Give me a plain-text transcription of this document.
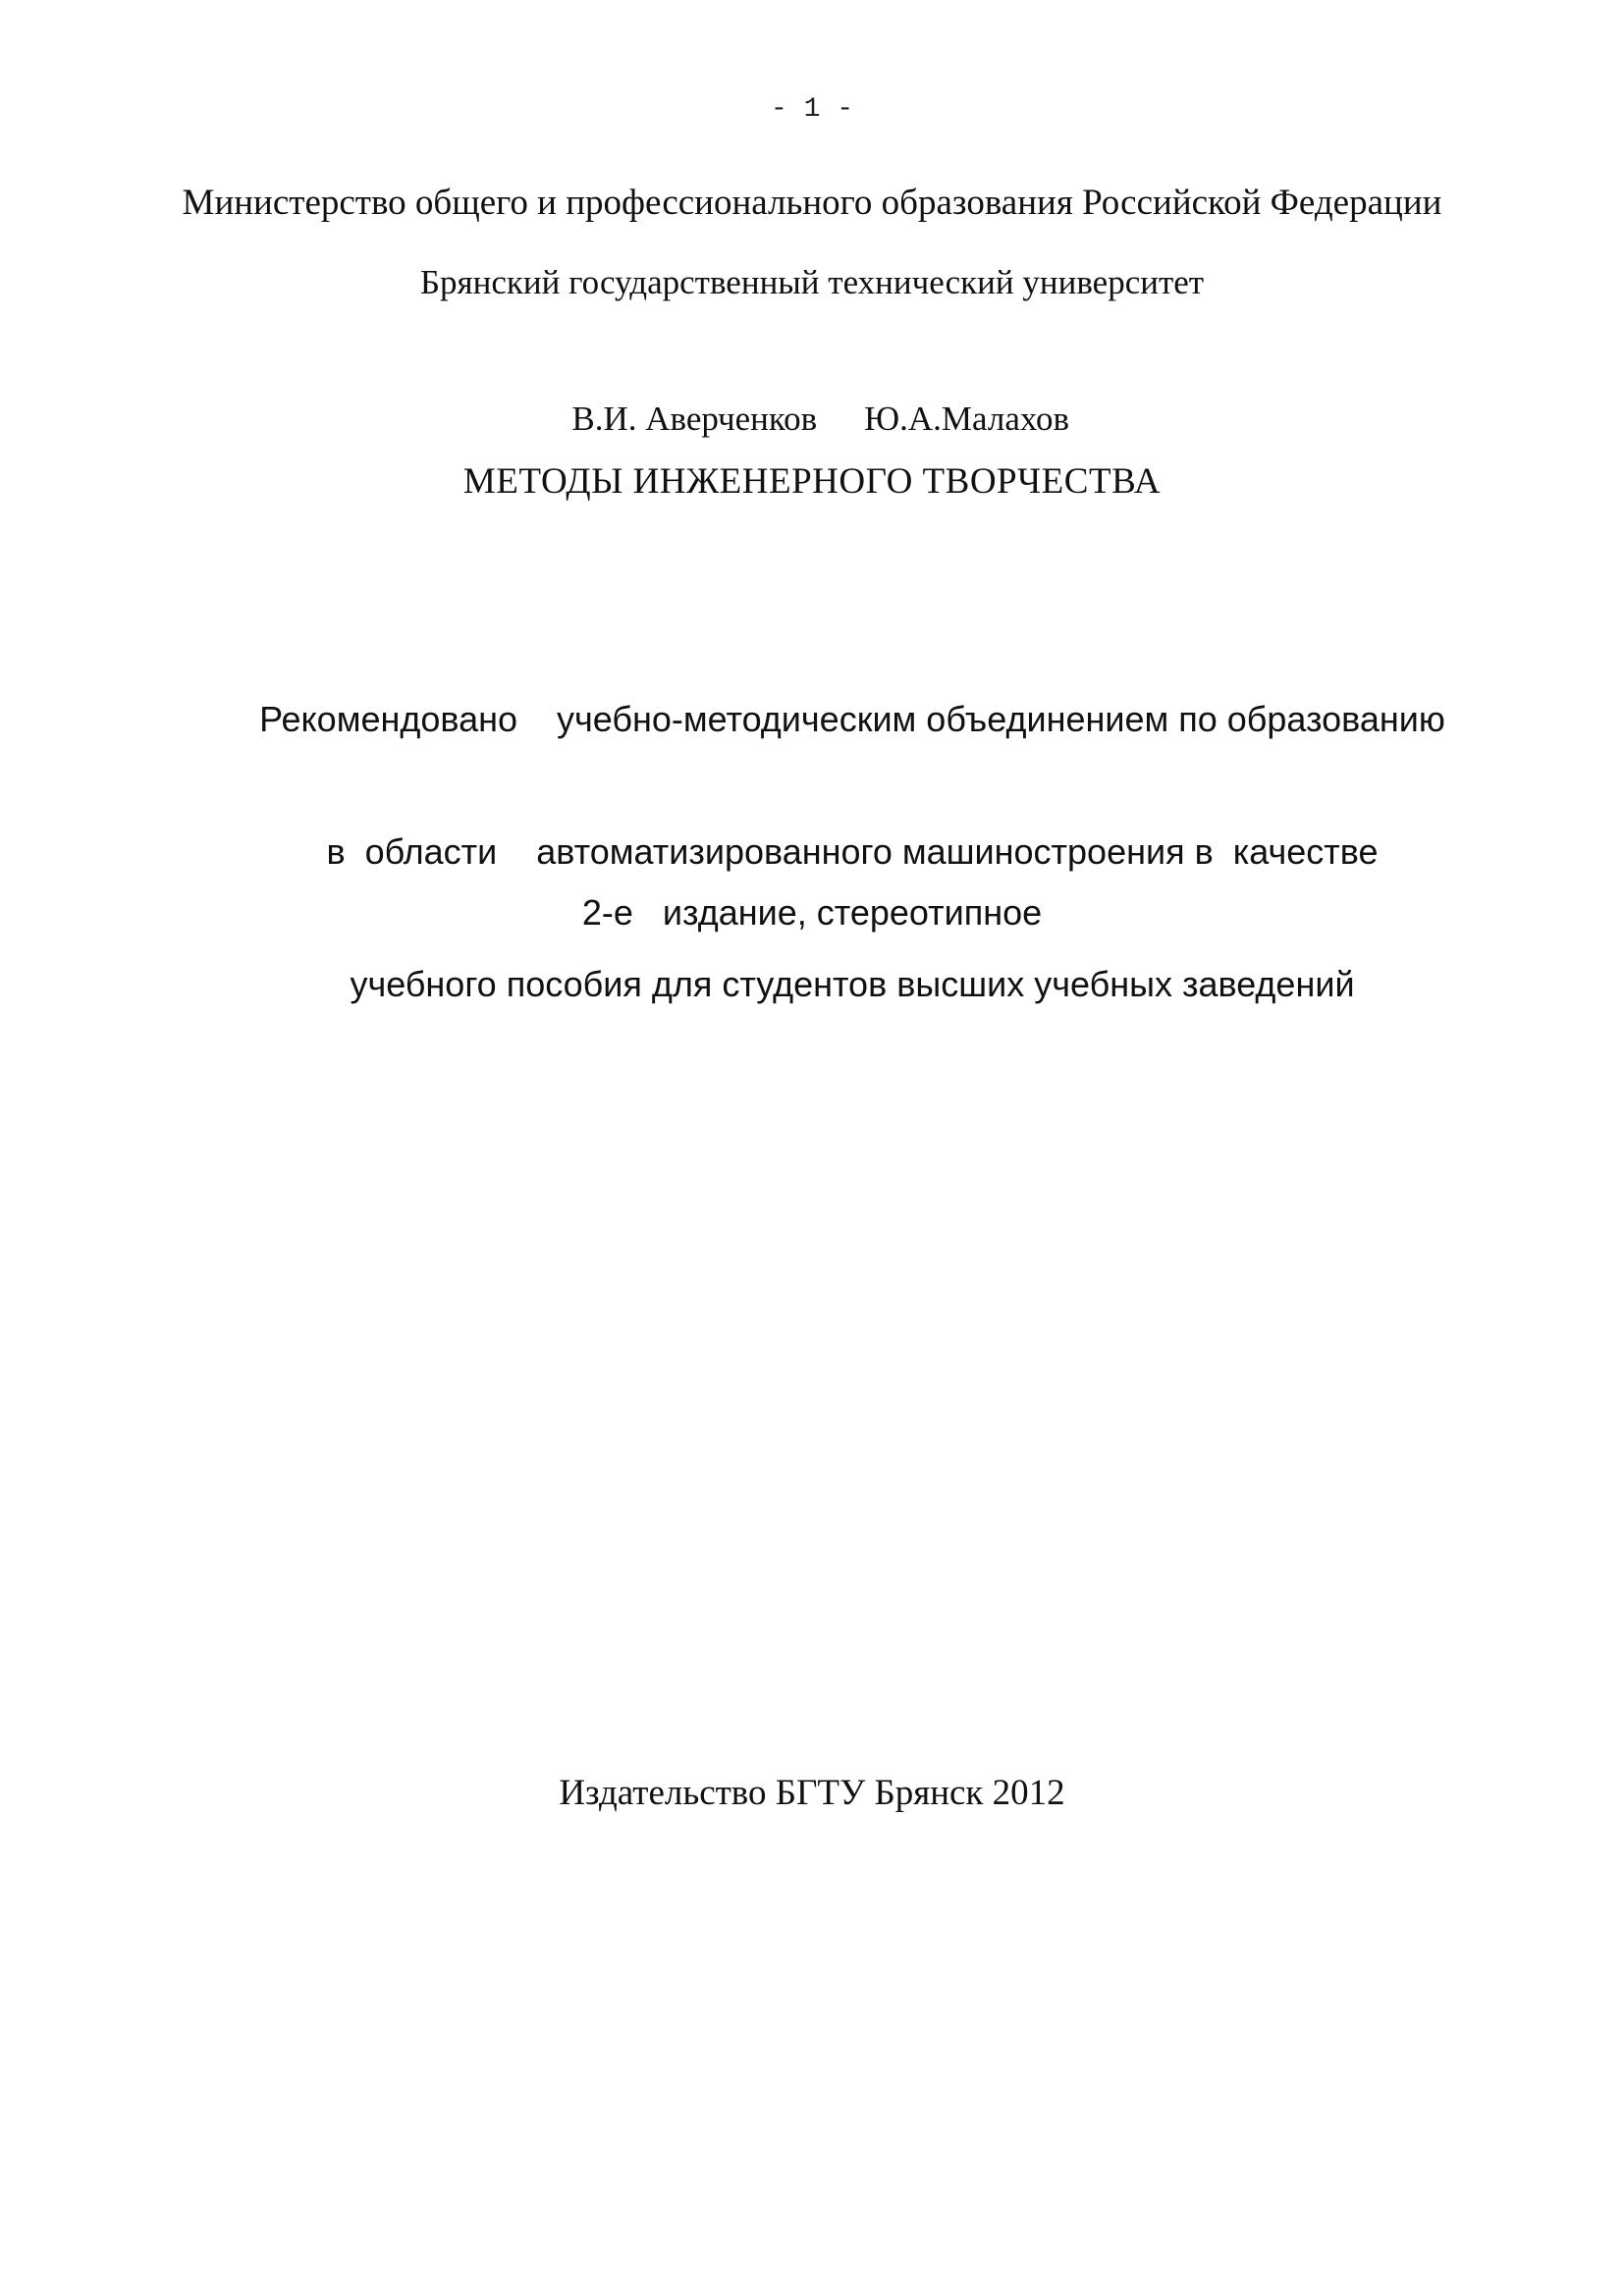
- 1 -
Министерство общего и профессионального образования Российской Федерации
Брянский государственный технический университет

В.И. Аверченков Ю.А.Малахов

МЕТОДЫ ИНЖЕНЕРНОГО ТВОРЧЕСТВА

Рекомендовано    учебно-методическим объединением по образованию

в  области    автоматизированного машиностроения в  качестве

учебного пособия для студентов высших учебных заведений

2-е   издание, стереотипное
Издательство БГТУ Брянск 2012
